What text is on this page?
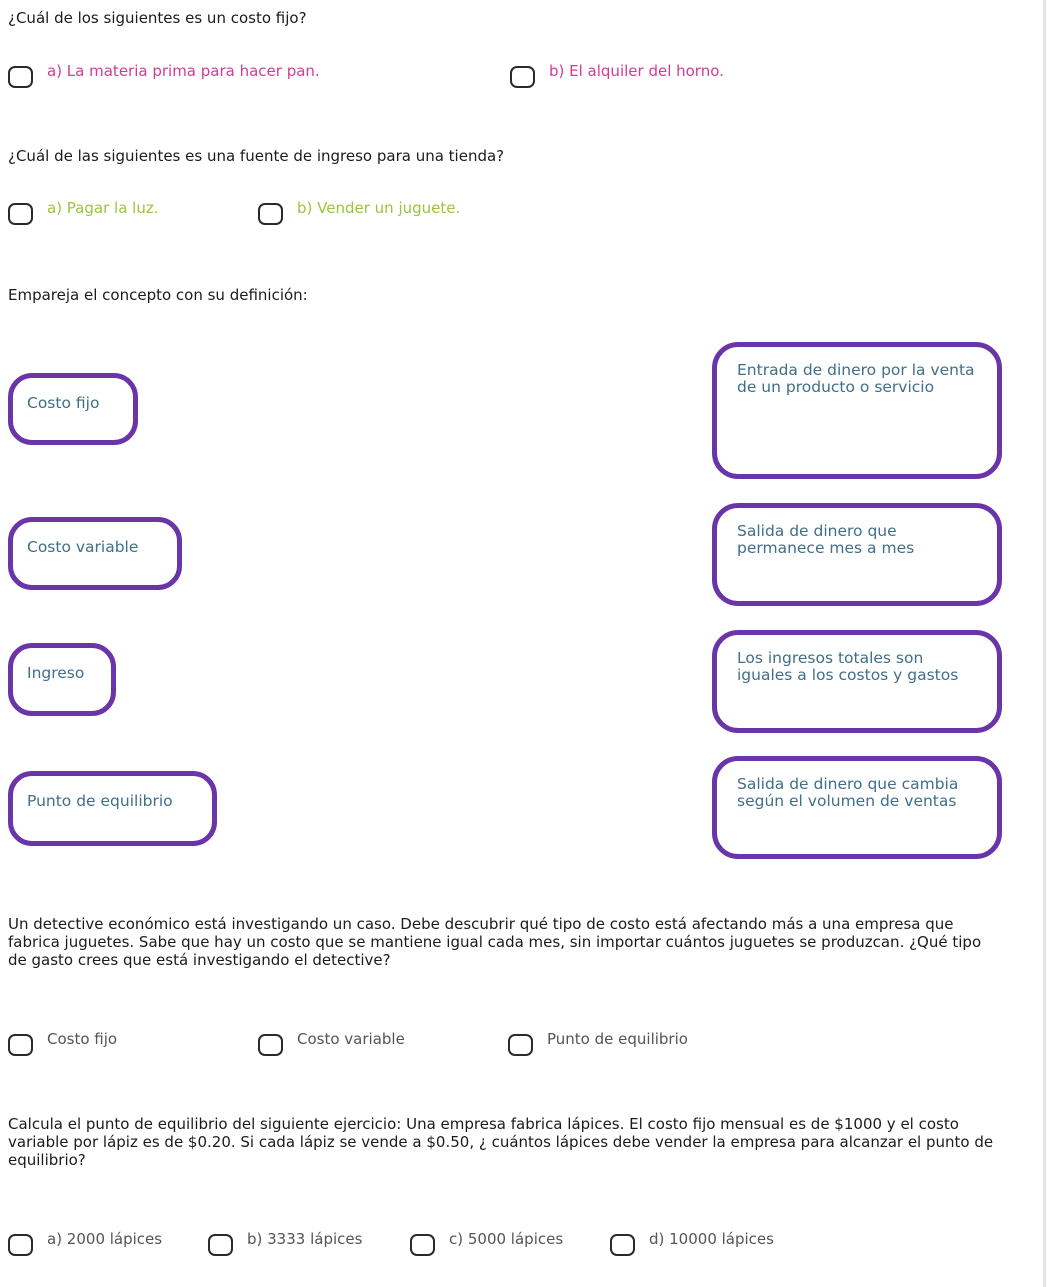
¿Cuál de los siguientes es un costo fijo?

a) La materia prima para hacer pan.	b) El alquiler del horno.

¿Cuál de las siguientes es una fuente de ingreso para una tienda?

a) Pagar la luz.	b) Vender un juguete.

Empareja el concepto con su definición:

Costo fijo
Costo variable
Ingreso
Punto de equilibrio
Entrada de dinero por la venta de un producto o servicio
Salida de dinero que permanece mes a mes
Los ingresos totales son iguales a los costos y gastos
Salida de dinero que cambia según el volumen de ventas

Un detective económico está investigando un caso. Debe descubrir qué tipo de costo está afectando más a una empresa que fabrica juguetes. Sabe que hay un costo que se mantiene igual cada mes, sin importar cuántos juguetes se produzcan. ¿Qué tipo de gasto crees que está investigando el detective?

Costo fijo	Costo variable	Punto de equilibrio

Calcula el punto de equilibrio del siguiente ejercicio: Una empresa fabrica lápices. El costo fijo mensual es de $1000 y el costo variable por lápiz es de $0.20. Si cada lápiz se vende a $0.50, ¿ cuántos lápices debe vender la empresa para alcanzar el punto de equilibrio?

a) 2000 lápices	b) 3333 lápices	c) 5000 lápices	d) 10000 lápices
